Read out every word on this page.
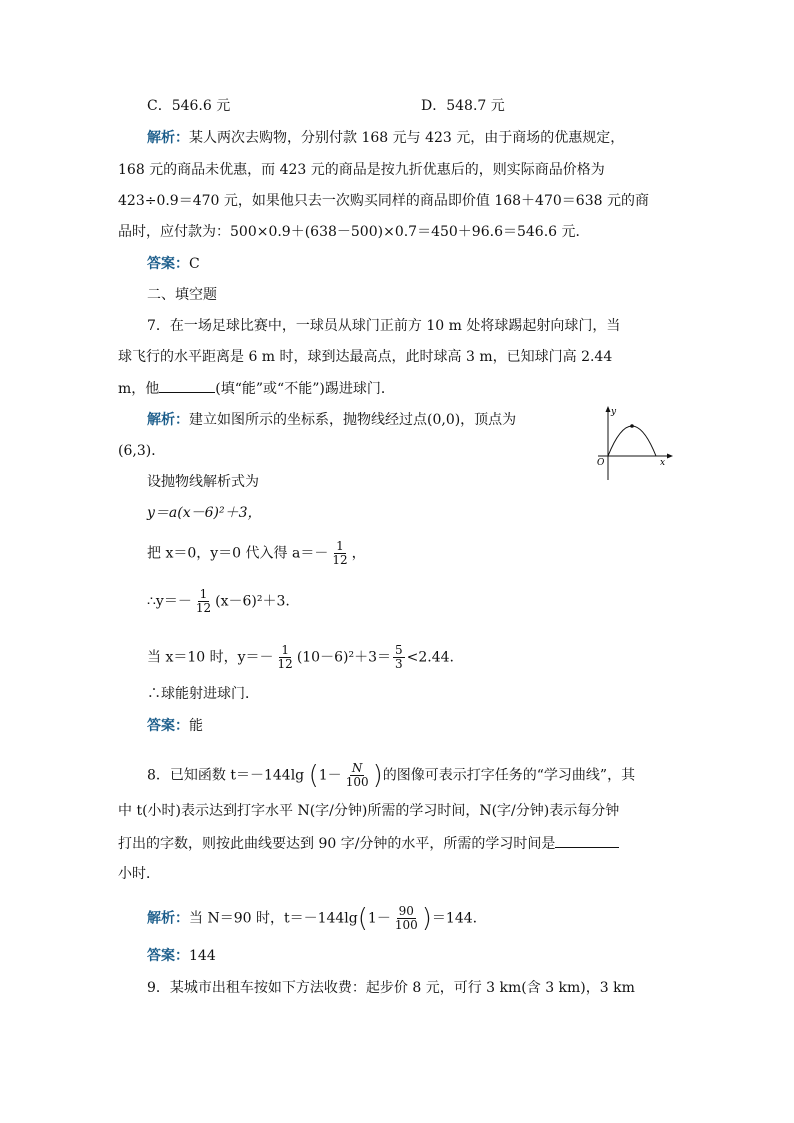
C．546.6 元	D．548.7 元
解析：某人两次去购物，分别付款 168 元与 423 元，由于商场的优惠规定，
168 元的商品未优惠，而 423 元的商品是按九折优惠后的，则实际商品价格为
423÷0.9＝470 元，如果他只去一次购买同样的商品即价值 168＋470＝638 元的商
品时，应付款为：500×0.9＋(638－500)×0.7＝450＋96.6＝546.6 元．
答案：C
二、填空题
7．在一场足球比赛中，一球员从球门正前方 10 m 处将球踢起射向球门，当
球飞行的水平距离是 6 m 时，球到达最高点，此时球高 3 m，已知球门高 2.44
m，他	(填“能”或“不能”)踢进球门．
解析：建立如图所示的坐标系，抛物线经过点(0,0)，顶点为
(6,3)．
y
x
O
设抛物线解析式为
y＝a(x－6)²＋3，
把 x＝0，y＝0 代入得 $a=- \frac{1}{12}$ ，
∴y＝－ $\frac{1}{12} (x-6)^2+3$.
当 x＝10 时，$y=- \frac{1}{12} (10-6)^2+3= \frac{5}{3} <2.44$.
∴球能射进球门．
答案：能
8．已知函数 t＝－144lg ($1- \frac{N}{100}$ )的图像可表示打字任务的“学习曲线”，其
中 t(小时)表示达到打字水平 N(字/分钟)所需的学习时间，N(字/分钟)表示每分钟
打出的字数，则按此曲线要达到 90 字/分钟的水平，所需的学习时间是
小时．
解析：当 N＝90 时，$t=-144\lg(1- \frac{90}{100} )=144$.
答案：144
9．某城市出租车按如下方法收费：起步价 8 元，可行 3 km(含 3 km)，3 km
